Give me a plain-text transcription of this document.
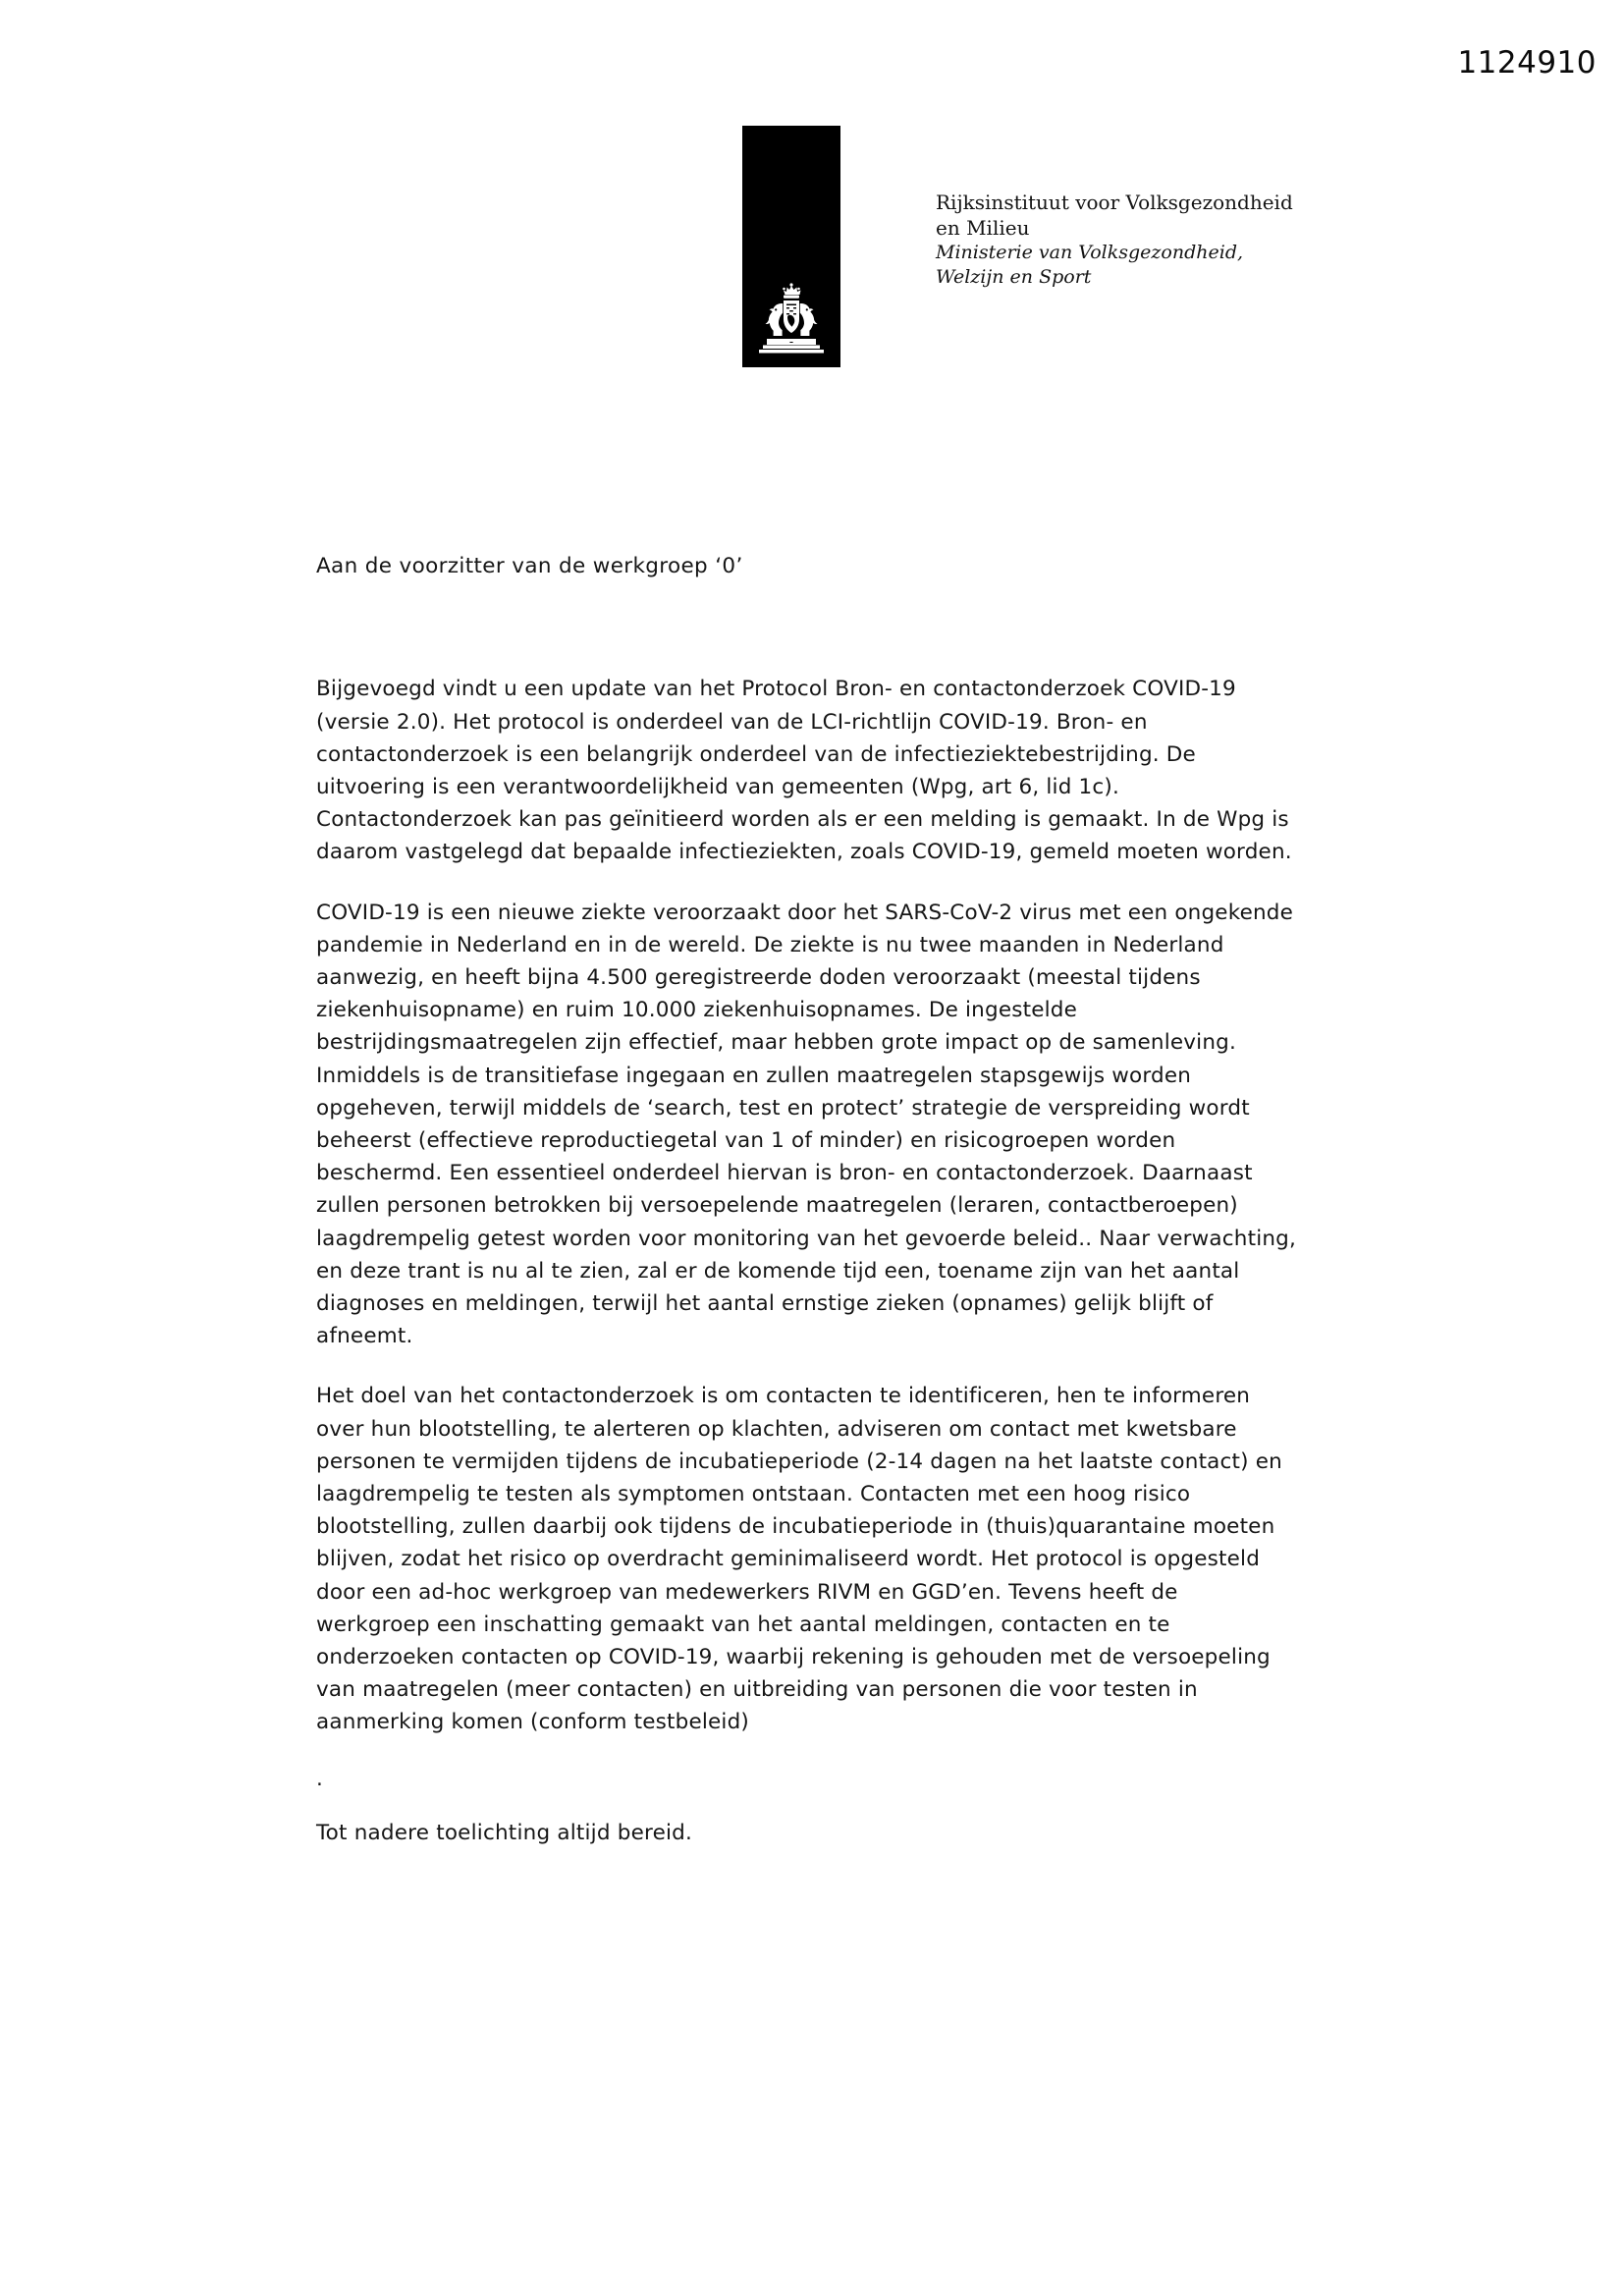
1124910
Rijksinstituut voor Volksgezondheid
en Milieu
Ministerie van Volksgezondheid,
Welzijn en Sport

Aan de voorzitter van de werkgroep ‘0’

Bijgevoegd vindt u een update van het Protocol Bron- en contactonderzoek COVID-19 (versie 2.0). Het protocol is onderdeel van de LCI-richtlijn COVID-19. Bron- en contactonderzoek is een belangrijk onderdeel van de infectieziektebestrijding. De uitvoering is een verantwoordelijkheid van gemeenten (Wpg, art 6, lid 1c). Contactonderzoek kan pas geïnitieerd worden als er een melding is gemaakt. In de Wpg is daarom vastgelegd dat bepaalde infectieziekten, zoals COVID-19, gemeld moeten worden.

COVID-19 is een nieuwe ziekte veroorzaakt door het SARS-CoV-2 virus met een ongekende pandemie in Nederland en in de wereld. De ziekte is nu twee maanden in Nederland aanwezig, en heeft bijna 4.500 geregistreerde doden veroorzaakt (meestal tijdens ziekenhuisopname) en ruim 10.000 ziekenhuisopnames. De ingestelde bestrijdingsmaatregelen zijn effectief, maar hebben grote impact op de samenleving. Inmiddels is de transitiefase ingegaan en zullen maatregelen stapsgewijs worden opgeheven, terwijl middels de ‘search, test en protect’ strategie de verspreiding wordt beheerst (effectieve reproductiegetal van 1 of minder) en risicogroepen worden beschermd. Een essentieel onderdeel hiervan is bron- en contactonderzoek. Daarnaast zullen personen betrokken bij versoepelende maatregelen (leraren, contactberoepen) laagdrempelig getest worden voor monitoring van het gevoerde beleid.. Naar verwachting, en deze trant is nu al te zien, zal er de komende tijd een, toename zijn van het aantal diagnoses en meldingen, terwijl het aantal ernstige zieken (opnames) gelijk blijft of afneemt.

Het doel van het contactonderzoek is om contacten te identificeren, hen te informeren over hun blootstelling, te alerteren op klachten, adviseren om contact met kwetsbare personen te vermijden tijdens de incubatieperiode (2-14 dagen na het laatste contact) en laagdrempelig te testen als symptomen ontstaan. Contacten met een hoog risico blootstelling, zullen daarbij ook tijdens de incubatieperiode in (thuis)quarantaine moeten blijven, zodat het risico op overdracht geminimaliseerd wordt. Het protocol is opgesteld door een ad-hoc werkgroep van medewerkers RIVM en GGD’en. Tevens heeft de werkgroep een inschatting gemaakt van het aantal meldingen, contacten en te onderzoeken contacten op COVID-19, waarbij rekening is gehouden met de versoepeling van maatregelen (meer contacten) en uitbreiding van personen die voor testen in aanmerking komen (conform testbeleid)

.

Tot nadere toelichting altijd bereid.
